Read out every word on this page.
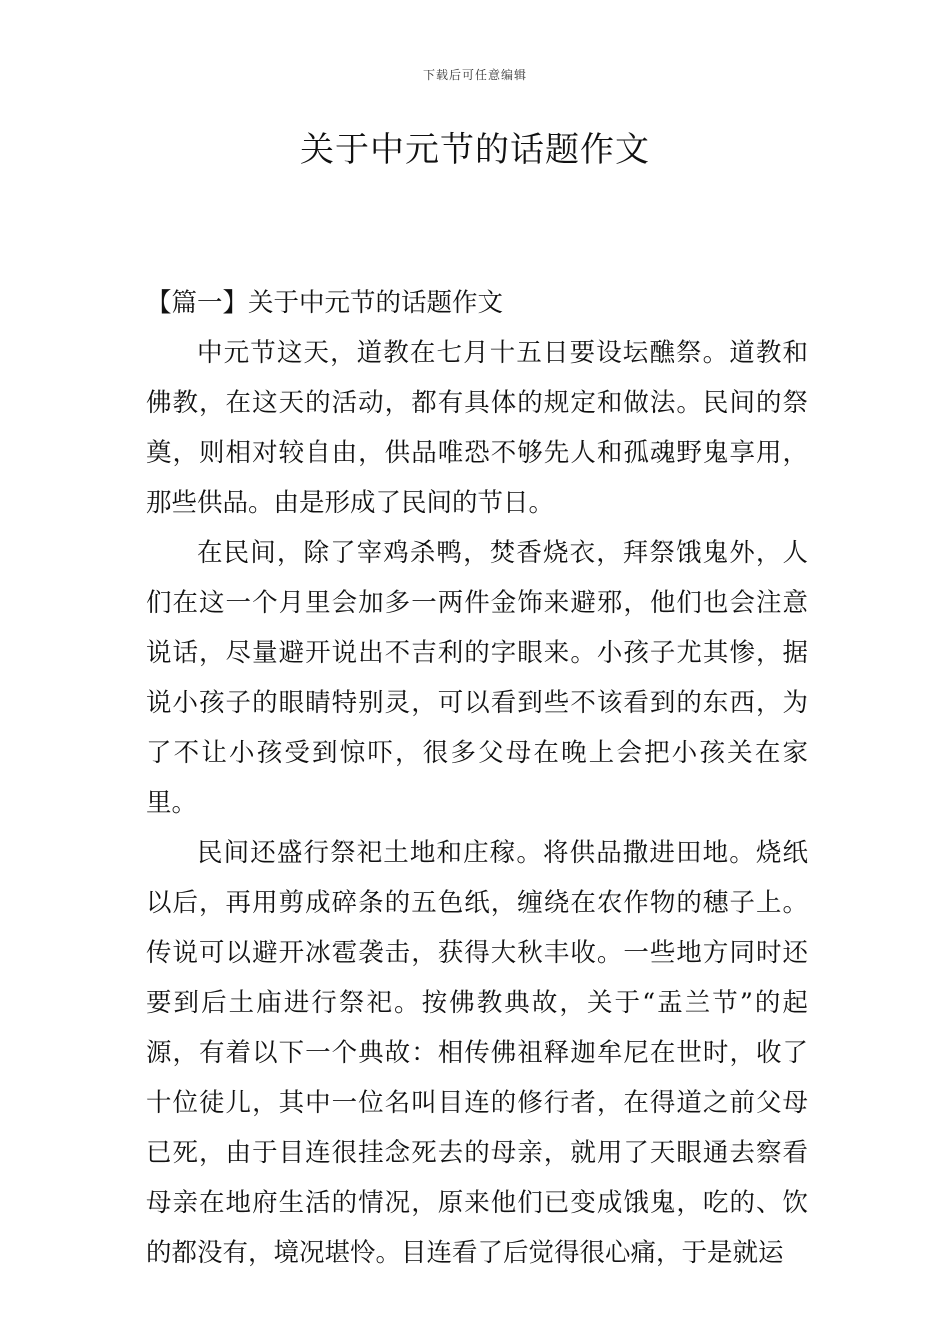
下载后可任意编辑
关于中元节的话题作文

【篇一】关于中元节的话题作文

中元节这天，道教在七月十五日要设坛醮祭。道教和佛教，在这天的活动，都有具体的规定和做法。民间的祭奠，则相对较自由，供品唯恐不够先人和孤魂野鬼享用，那些供品。由是形成了民间的节日。

在民间，除了宰鸡杀鸭，焚香烧衣，拜祭饿鬼外，人们在这一个月里会加多一两件金饰来避邪，他们也会注意说话，尽量避开说出不吉利的字眼来。小孩子尤其惨，据说小孩子的眼睛特别灵，可以看到些不该看到的东西，为了不让小孩受到惊吓，很多父母在晚上会把小孩关在家里。

民间还盛行祭祀土地和庄稼。将供品撒进田地。烧纸以后，再用剪成碎条的五色纸，缠绕在农作物的穗子上。传说可以避开冰雹袭击，获得大秋丰收。一些地方同时还要到后土庙进行祭祀。按佛教典故，关于“盂兰节”的起源，有着以下一个典故：相传佛祖释迦牟尼在世时，收了十位徒儿，其中一位名叫目连的修行者，在得道之前父母已死，由于目连很挂念死去的母亲，就用了天眼通去察看母亲在地府生活的情况，原来他们已变成饿鬼，吃的、饮的都没有，境况堪怜。目连看了后觉得很心痛，于是就运
